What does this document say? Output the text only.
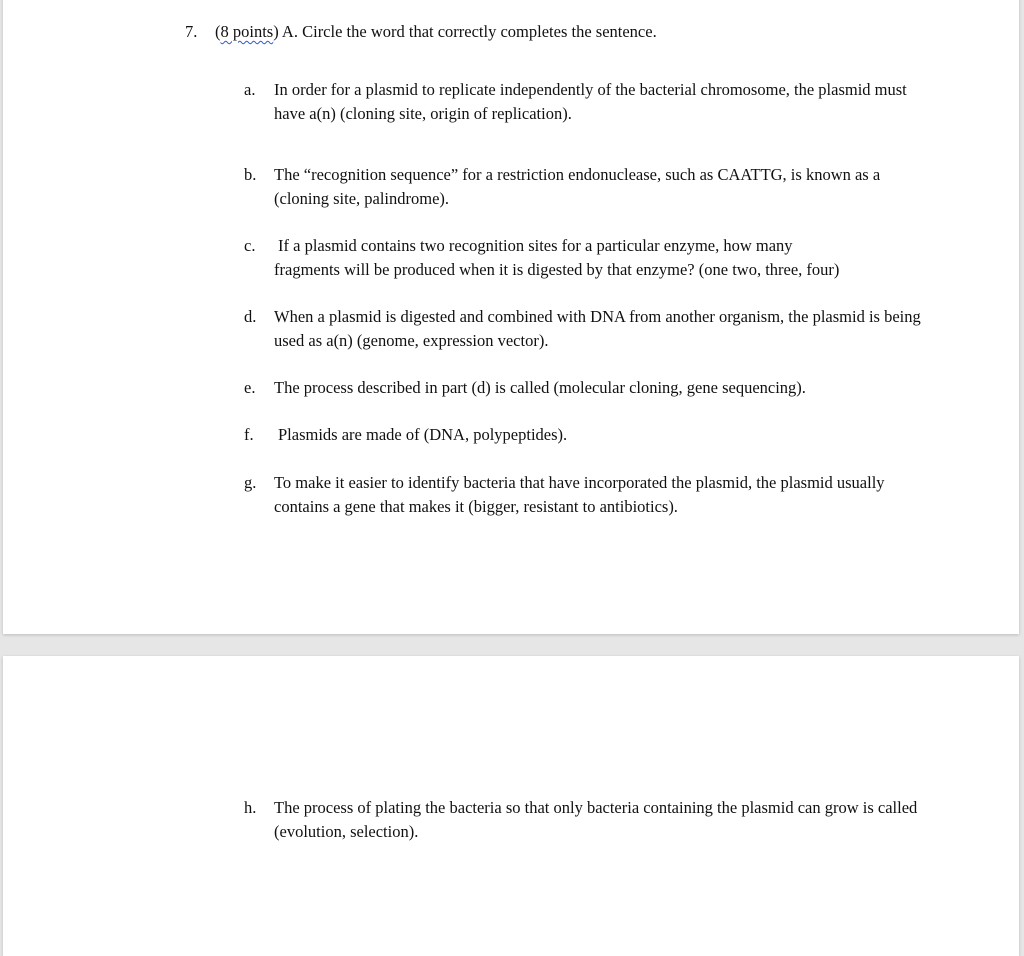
7. (8 points) A. Circle the word that correctly completes the sentence.
a. In order for a plasmid to replicate independently of the bacterial chromosome, the plasmid must have a(n) (cloning site, origin of replication).
b. The “recognition sequence” for a restriction endonuclease, such as CAATTG, is known as a (cloning site, palindrome).
c. If a plasmid contains two recognition sites for a particular enzyme, how many
fragments will be produced when it is digested by that enzyme? (one two, three, four)
d. When a plasmid is digested and combined with DNA from another organism, the plasmid is being used as a(n) (genome, expression vector).
e. The process described in part (d) is called (molecular cloning, gene sequencing).
f. Plasmids are made of (DNA, polypeptides).
g. To make it easier to identify bacteria that have incorporated the plasmid, the plasmid usually contains a gene that makes it (bigger, resistant to antibiotics).
h. The process of plating the bacteria so that only bacteria containing the plasmid can grow is called (evolution, selection).
